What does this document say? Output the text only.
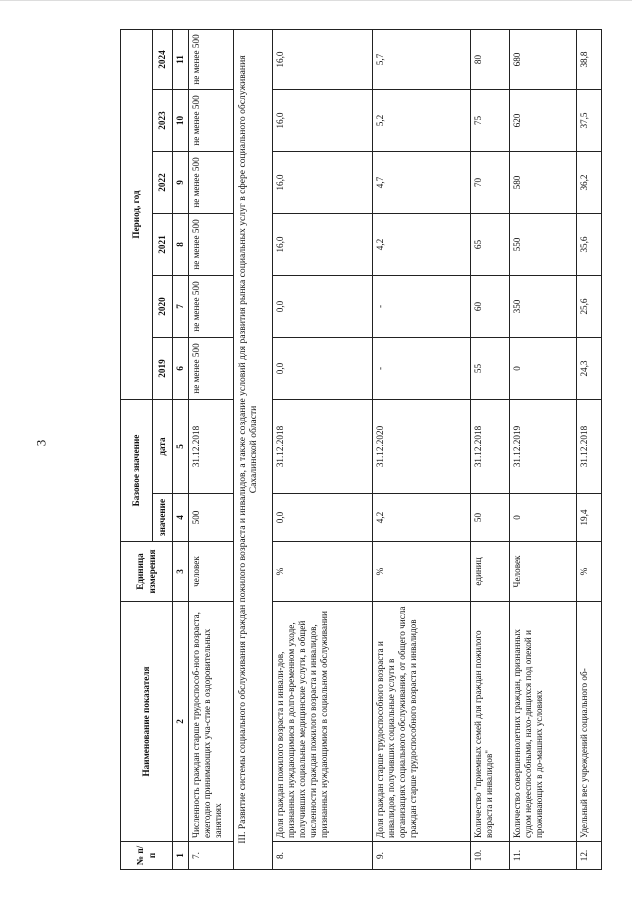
3
№ п/п	Наименование показателя	Единица измерения	Базовое значение		Период, год					
			значение	дата	2019	2020	2021	2022	2023	2024
1	2	3	4	5	6	7	8	9	10	11
7.	Численность граждан старше трудоспособ-ного возраста, ежегодно принимающих уча-стие в оздоровительных занятиях	человек	500	31.12.2018	не менее 500	не менее 500	не менее 500	не менее 500	не менее 500	не менее 500
III. Развитие системы социального обслуживания граждан пожилого возраста и инвалидов, а также создание условий для развития рынка социальных услуг в сфере социального обслуживания Сахалинской области										
8.	Доля граждан пожилого возраста и инвали-дов, признанных нуждающимися в долго-временном уходе, получивших социальные медицинские услуги, в общей численности граждан пожилого возраста и инвалидов, признанных нуждающимися в социальном обслуживании	%	0,0	31.12.2018	0,0	0,0	16,0	16,0	16,0	16,0
9.	Доля граждан старше трудоспособного возраста и инвалидов, получивших социальные услуги в организациях социального обслуживания, от общего числа граждан старше трудоспособного возраста и инвалидов	%	4,2	31.12.2020	-	-	4,2	4,7	5,2	5,7
10.	Количество "приемных семей для граждан пожилого возраста и инвалидов"	единиц	50	31.12.2018	55	60	65	70	75	80
11.	Количество совершеннолетних граждан, признанных судом недееспособными, нахо-дящихся под опекой и проживающих в до-машних условиях	Человек	0	31.12.2019	0	350	550	580	620	680
12.	Удельный вес учреждений социального об-	%	19,4	31.12.2018	24,3	25,6	35,6	36,2	37,5	38,8
